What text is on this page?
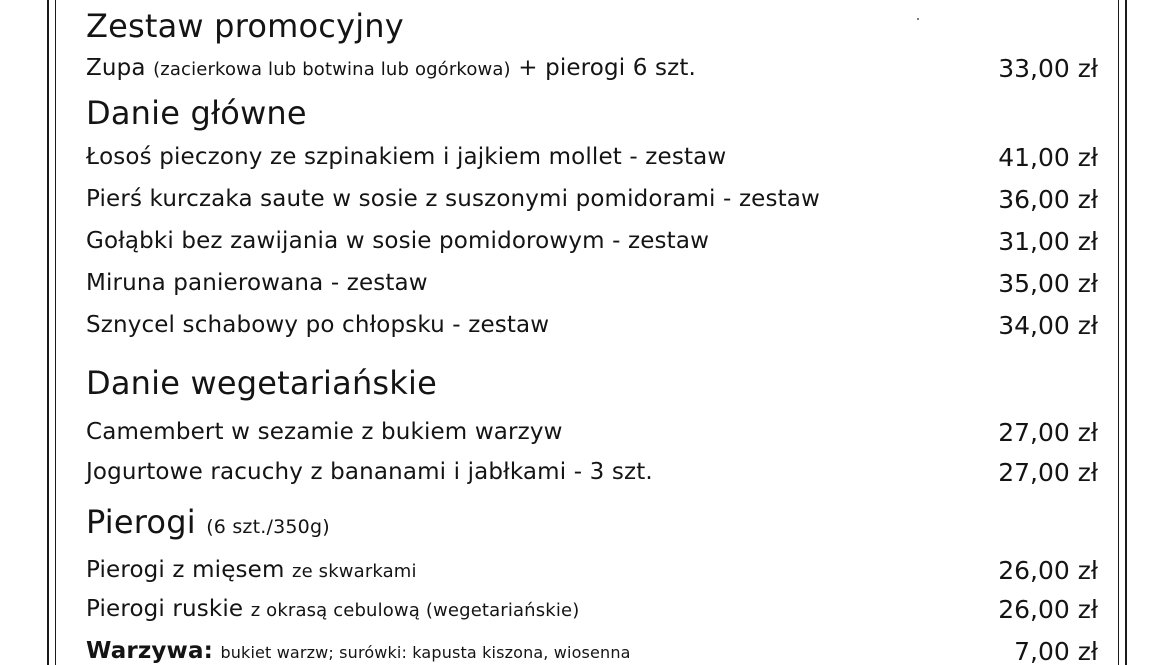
Zestaw promocyjny
Zupa (zacierkowa lub botwina lub ogórkowa) + pierogi 6 szt.	33,00 zł
Danie główne
Łosoś pieczony ze szpinakiem i jajkiem mollet - zestaw	41,00 zł
Pierś kurczaka saute w sosie z suszonymi pomidorami - zestaw	36,00 zł
Gołąbki bez zawijania w sosie pomidorowym - zestaw	31,00 zł
Miruna panierowana - zestaw	35,00 zł
Sznycel schabowy po chłopsku - zestaw	34,00 zł
Danie wegetariańskie
Camembert w sezamie z bukiem warzyw	27,00 zł
Jogurtowe racuchy z bananami i jabłkami - 3 szt.	27,00 zł
Pierogi (6 szt./350g)
Pierogi z mięsem ze skwarkami	26,00 zł
Pierogi ruskie z okrasą cebulową (wegetariańskie)	26,00 zł
Warzywa: bukiet warzw; surówki: kapusta kiszona, wiosenna	7,00 zł
